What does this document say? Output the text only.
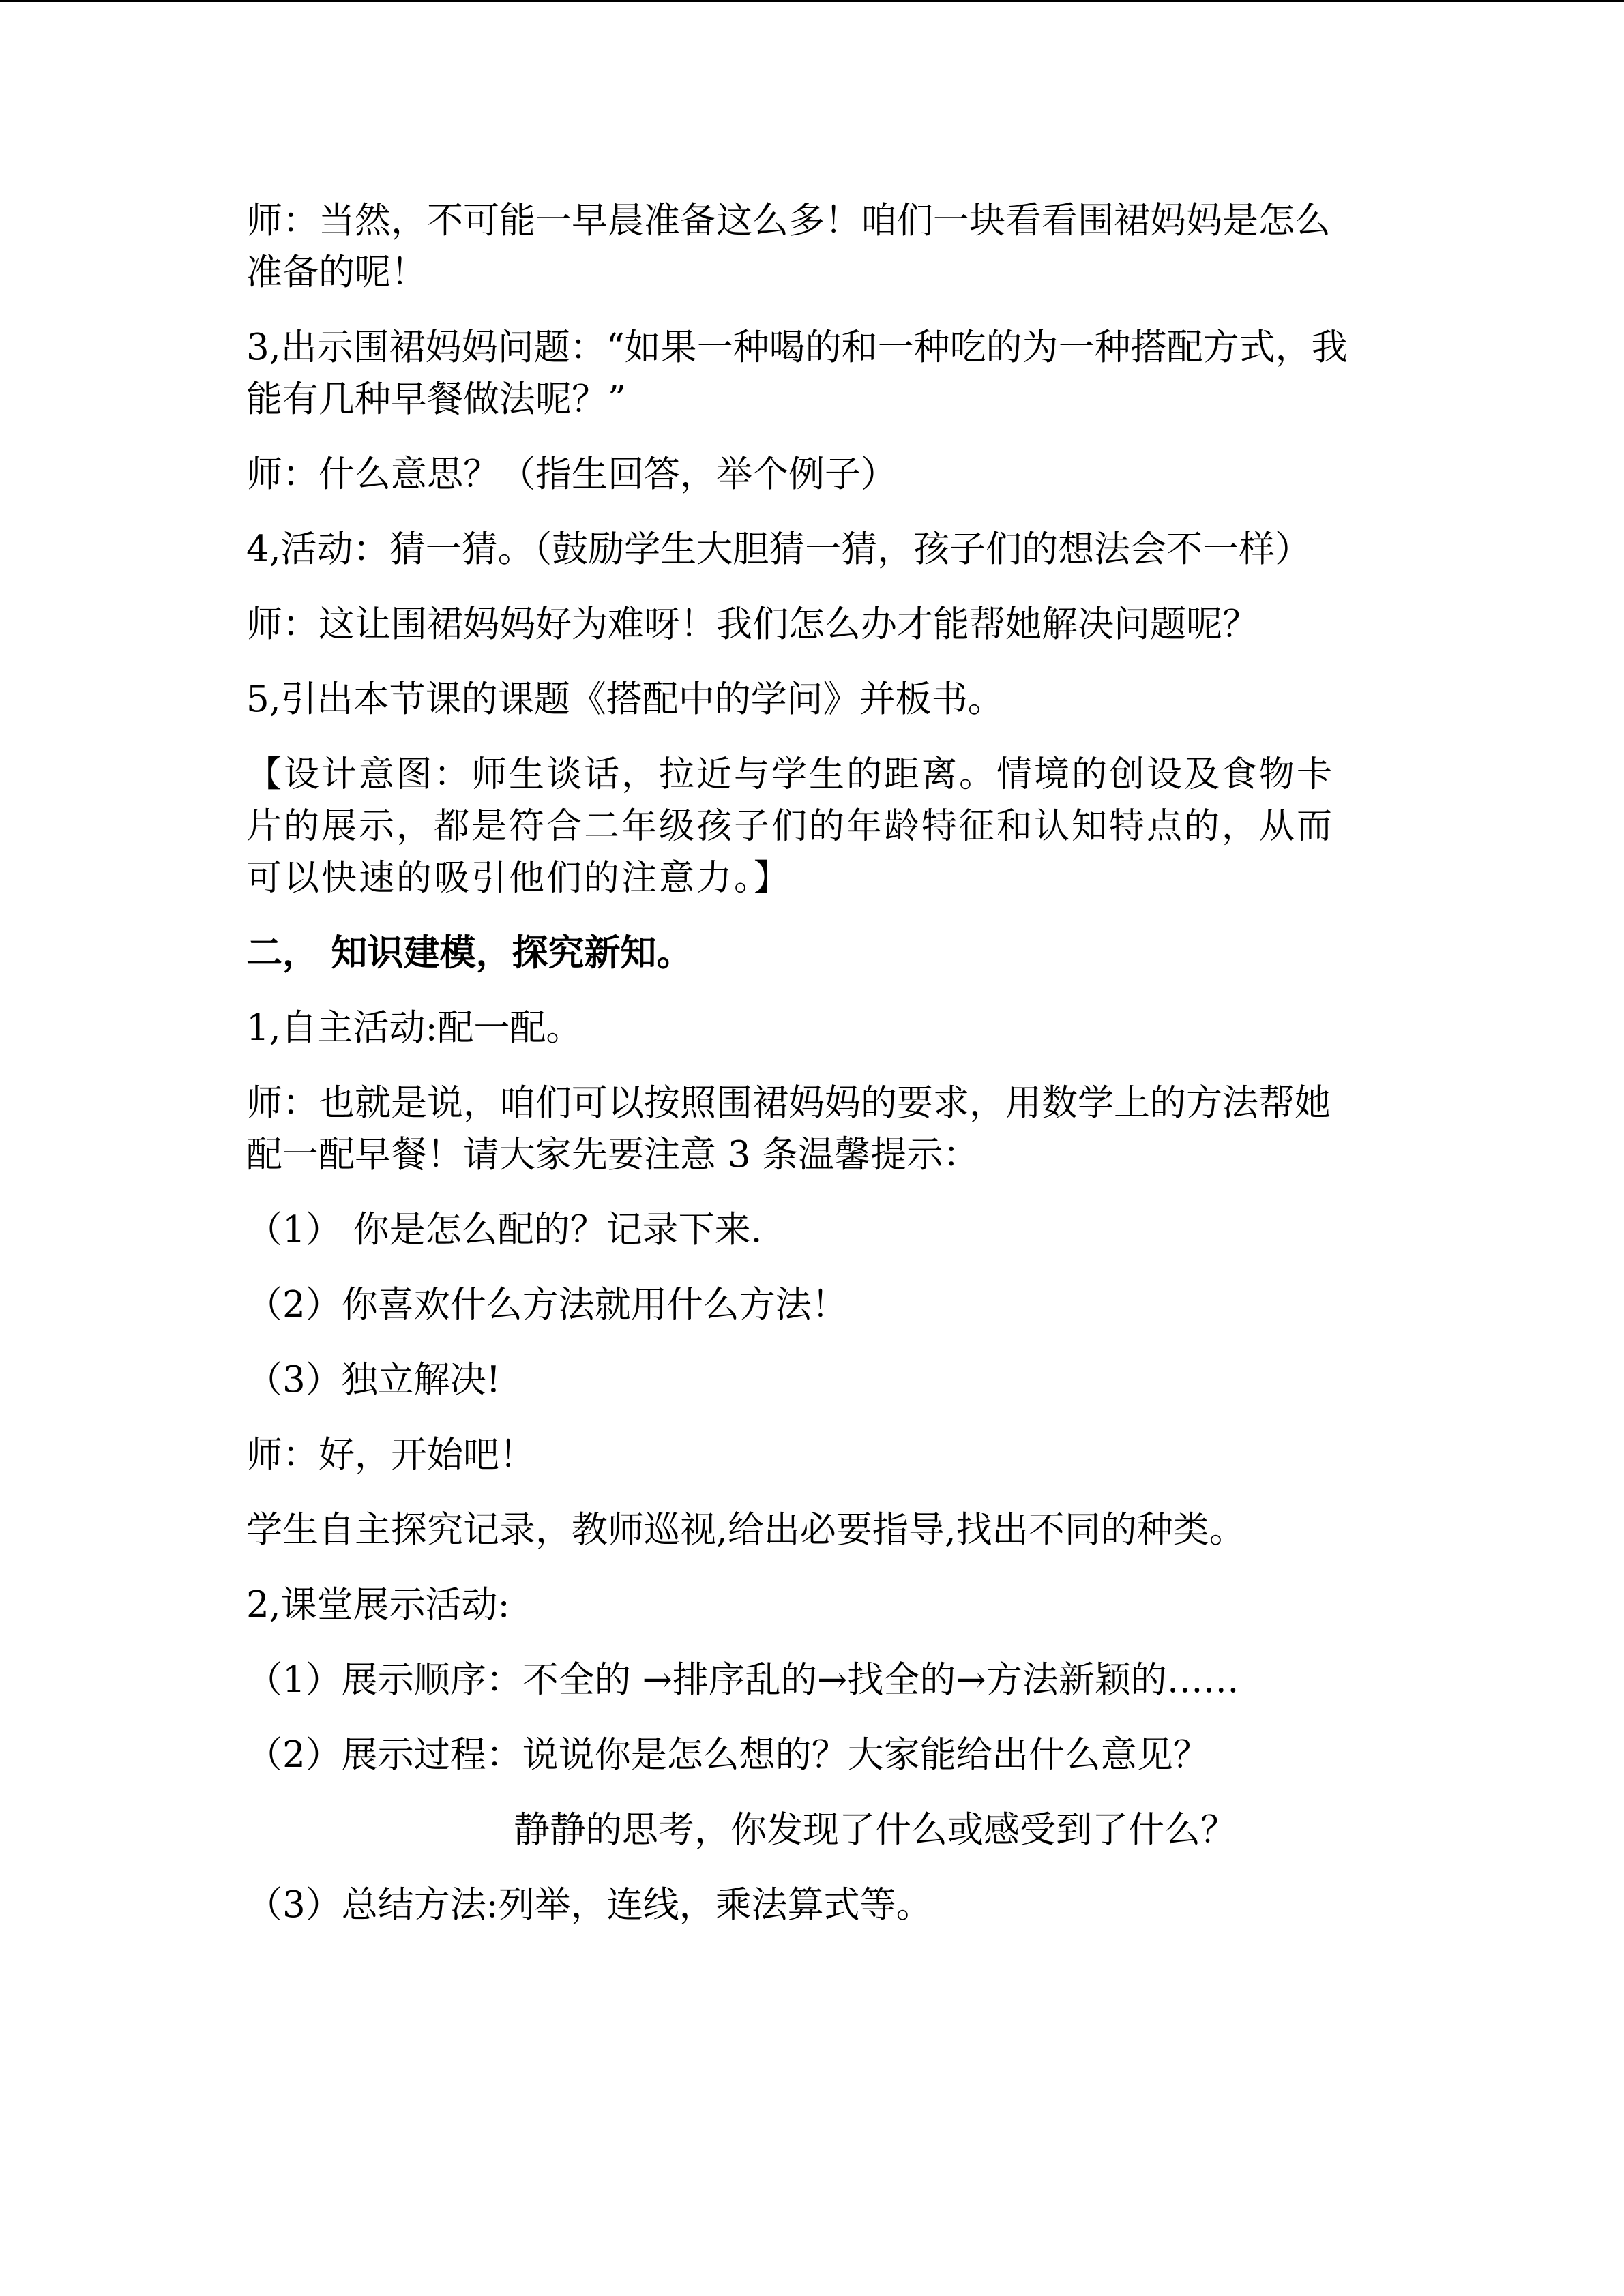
师：当然，不可能一早晨准备这么多！咱们一块看看围裙妈妈是怎么准备的呢！

3,出示围裙妈妈问题：“如果一种喝的和一种吃的为一种搭配方式，我能有几种早餐做法呢？”

师：什么意思？（指生回答，举个例子）

4,活动：猜一猜。（鼓励学生大胆猜一猜，孩子们的想法会不一样）

师：这让围裙妈妈好为难呀！我们怎么办才能帮她解决问题呢？

5,引出本节课的课题《搭配中的学问》并板书。

【设计意图：师生谈话，拉近与学生的距离。情境的创设及食物卡片的展示，都是符合二年级孩子们的年龄特征和认知特点的，从而可以快速的吸引他们的注意力。】

二， 知识建模，探究新知。

1,自主活动:配一配。

师：也就是说，咱们可以按照围裙妈妈的要求，用数学上的方法帮她配一配早餐！请大家先要注意 3 条温馨提示：

（1） 你是怎么配的？记录下来.

（2）你喜欢什么方法就用什么方法！

（3）独立解决!

师：好，开始吧！

学生自主探究记录，教师巡视,给出必要指导,找出不同的种类。

2,课堂展示活动:

（1）展示顺序：不全的 →排序乱的→找全的→方法新颖的……

（2）展示过程：说说你是怎么想的？大家能给出什么意见？

静静的思考，你发现了什么或感受到了什么？

（3）总结方法:列举，连线，乘法算式等。
